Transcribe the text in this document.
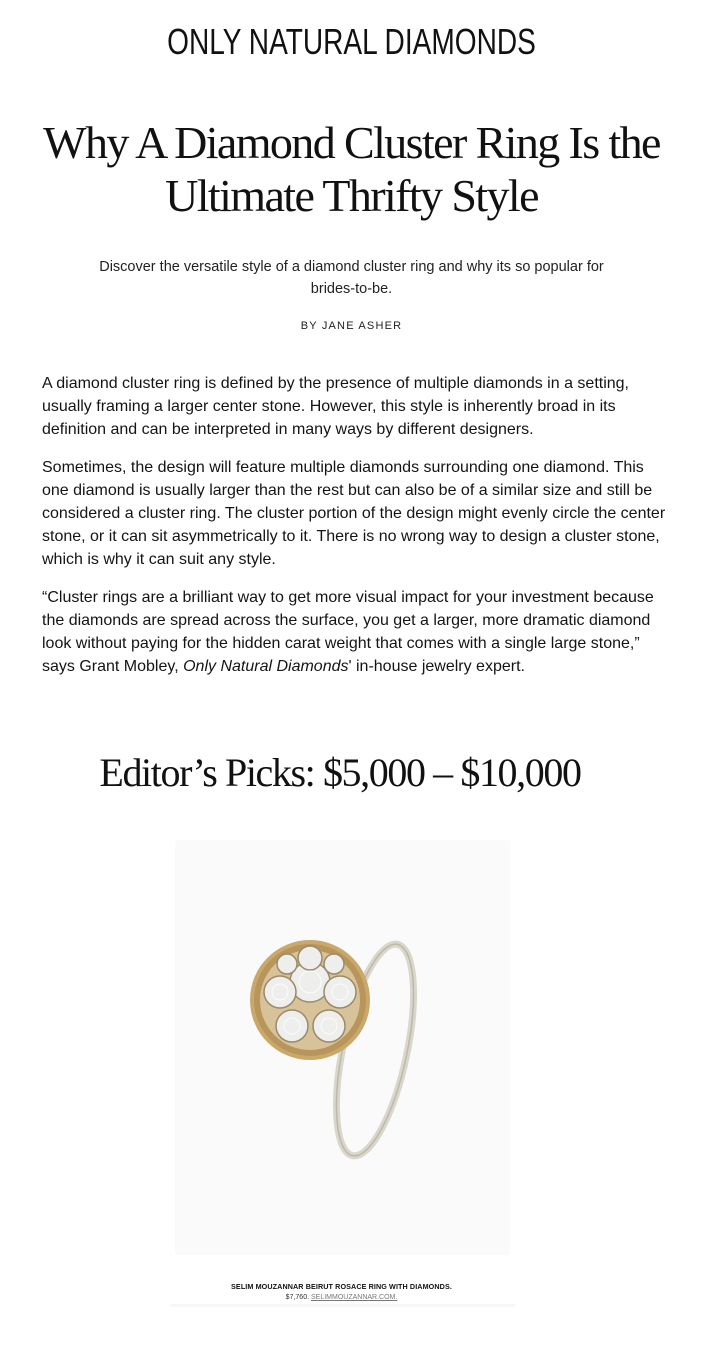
ONLY NATURAL DIAMONDS
Why A Diamond Cluster Ring Is the Ultimate Thrifty Style

Discover the versatile style of a diamond cluster ring and why its so popular for brides-to-be.

BY JANE ASHER

A diamond cluster ring is defined by the presence of multiple diamonds in a setting, usually framing a larger center stone. However, this style is inherently broad in its definition and can be interpreted in many ways by different designers.

Sometimes, the design will feature multiple diamonds surrounding one diamond. This one diamond is usually larger than the rest but can also be of a similar size and still be considered a cluster ring. The cluster portion of the design might evenly circle the center stone, or it can sit asymmetrically to it. There is no wrong way to design a cluster stone, which is why it can suit any style.

“Cluster rings are a brilliant way to get more visual impact for your investment because the diamonds are spread across the surface, you get a larger, more dramatic diamond look without paying for the hidden carat weight that comes with a single large stone,” says Grant Mobley, Only Natural Diamonds' in-house jewelry expert.

Editor’s Picks: $5,000 – $10,000
SELIM MOUZANNAR BEIRUT ROSACE RING WITH DIAMONDS.
$7,760. SELIMMOUZANNAR.COM.
